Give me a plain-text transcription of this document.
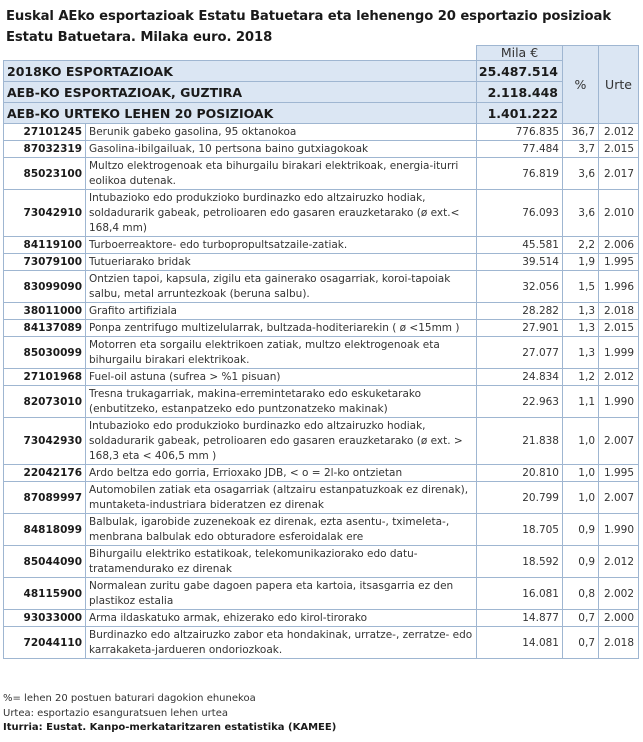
Euskal AEko esportazioak Estatu Batuetara eta lehenengo 20 esportazio posizioak Estatu Batuetara. Milaka euro. 2018
		Mila €	%	Urte
2018KO ESPORTAZIOAK		25.487.514		
AEB-KO ESPORTAZIOAK, GUZTIRA		2.118.448		
AEB-KO URTEKO LEHEN 20 POSIZIOAK		1.401.222		
27101245	Berunik gabeko gasolina, 95 oktanokoa	776.835	36,7	2.012
87032319	Gasolina-ibilgailuak, 10 pertsona baino gutxiagokoak	77.484	3,7	2.015
85023100	Multzo elektrogenoak eta bihurgailu birakari elektrikoak, energia-iturri eolikoa dutenak.	76.819	3,6	2.017
73042910	Intubazioko edo produkzioko burdinazko edo altzairuzko hodiak, soldadurarik gabeak, petrolioaren edo gasaren erauzketarako (ø ext.< 168,4 mm)	76.093	3,6	2.010
84119100	Turboerreaktore- edo turbopropultsatzaile-zatiak.	45.581	2,2	2.006
73079100	Tutueriarako bridak	39.514	1,9	1.995
83099090	Ontzien tapoi, kapsula, zigilu eta gainerako osagarriak, koroi-tapoiak salbu, metal arruntezkoak (beruna salbu).	32.056	1,5	1.996
38011000	Grafito artifiziala	28.282	1,3	2.018
84137089	Ponpa zentrifugo multizelularrak, bultzada-hoditeriarekin ( ø <15mm )	27.901	1,3	2.015
85030099	Motorren eta sorgailu elektrikoen zatiak, multzo elektrogenoak eta bihurgailu birakari elektrikoak.	27.077	1,3	1.999
27101968	Fuel-oil astuna (sufrea > %1 pisuan)	24.834	1,2	2.012
82073010	Tresna trukagarriak, makina-erremintetarako edo eskuketarako (enbutitzeko, estanpatzeko edo puntzonatzeko makinak)	22.963	1,1	1.990
73042930	Intubazioko edo produkzioko burdinazko edo altzairuzko hodiak, soldadurarik gabeak, petrolioaren edo gasaren erauzketarako (ø ext. > 168,3 eta < 406,5 mm )	21.838	1,0	2.007
22042176	Ardo beltza edo gorria, Errioxako JDB, < o = 2l-ko ontzietan	20.810	1,0	1.995
87089997	Automobilen zatiak eta osagarriak (altzairu estanpatuzkoak ez direnak), muntaketa-industriara bideratzen ez direnak	20.799	1,0	2.007
84818099	Balbulak, igarobide zuzenekoak ez direnak, ezta asentu-, tximeleta-, menbrana balbulak edo obturadore esferoidalak ere	18.705	0,9	1.990
85044090	Bihurgailu elektriko estatikoak, telekomunikaziorako edo datu-tratamendurako ez direnak	18.592	0,9	2.012
48115900	Normalean zuritu gabe dagoen papera eta kartoia, itsasgarria ez den plastikoz estalia	16.081	0,8	2.002
93033000	Arma ildaskatuko armak, ehizerako edo kirol-tirorako	14.877	0,7	2.000
72044110	Burdinazko edo altzairuzko zabor eta hondakinak, urratze-, zerratze- edo karrakaketa-jardueren ondoriozkoak.	14.081	0,7	2.018
%= lehen 20 postuen baturari dagokion ehunekoa
Urtea: esportazio esanguratsuen lehen urtea
Iturria: Eustat. Kanpo-merkataritzaren estatistika (KAMEE)
